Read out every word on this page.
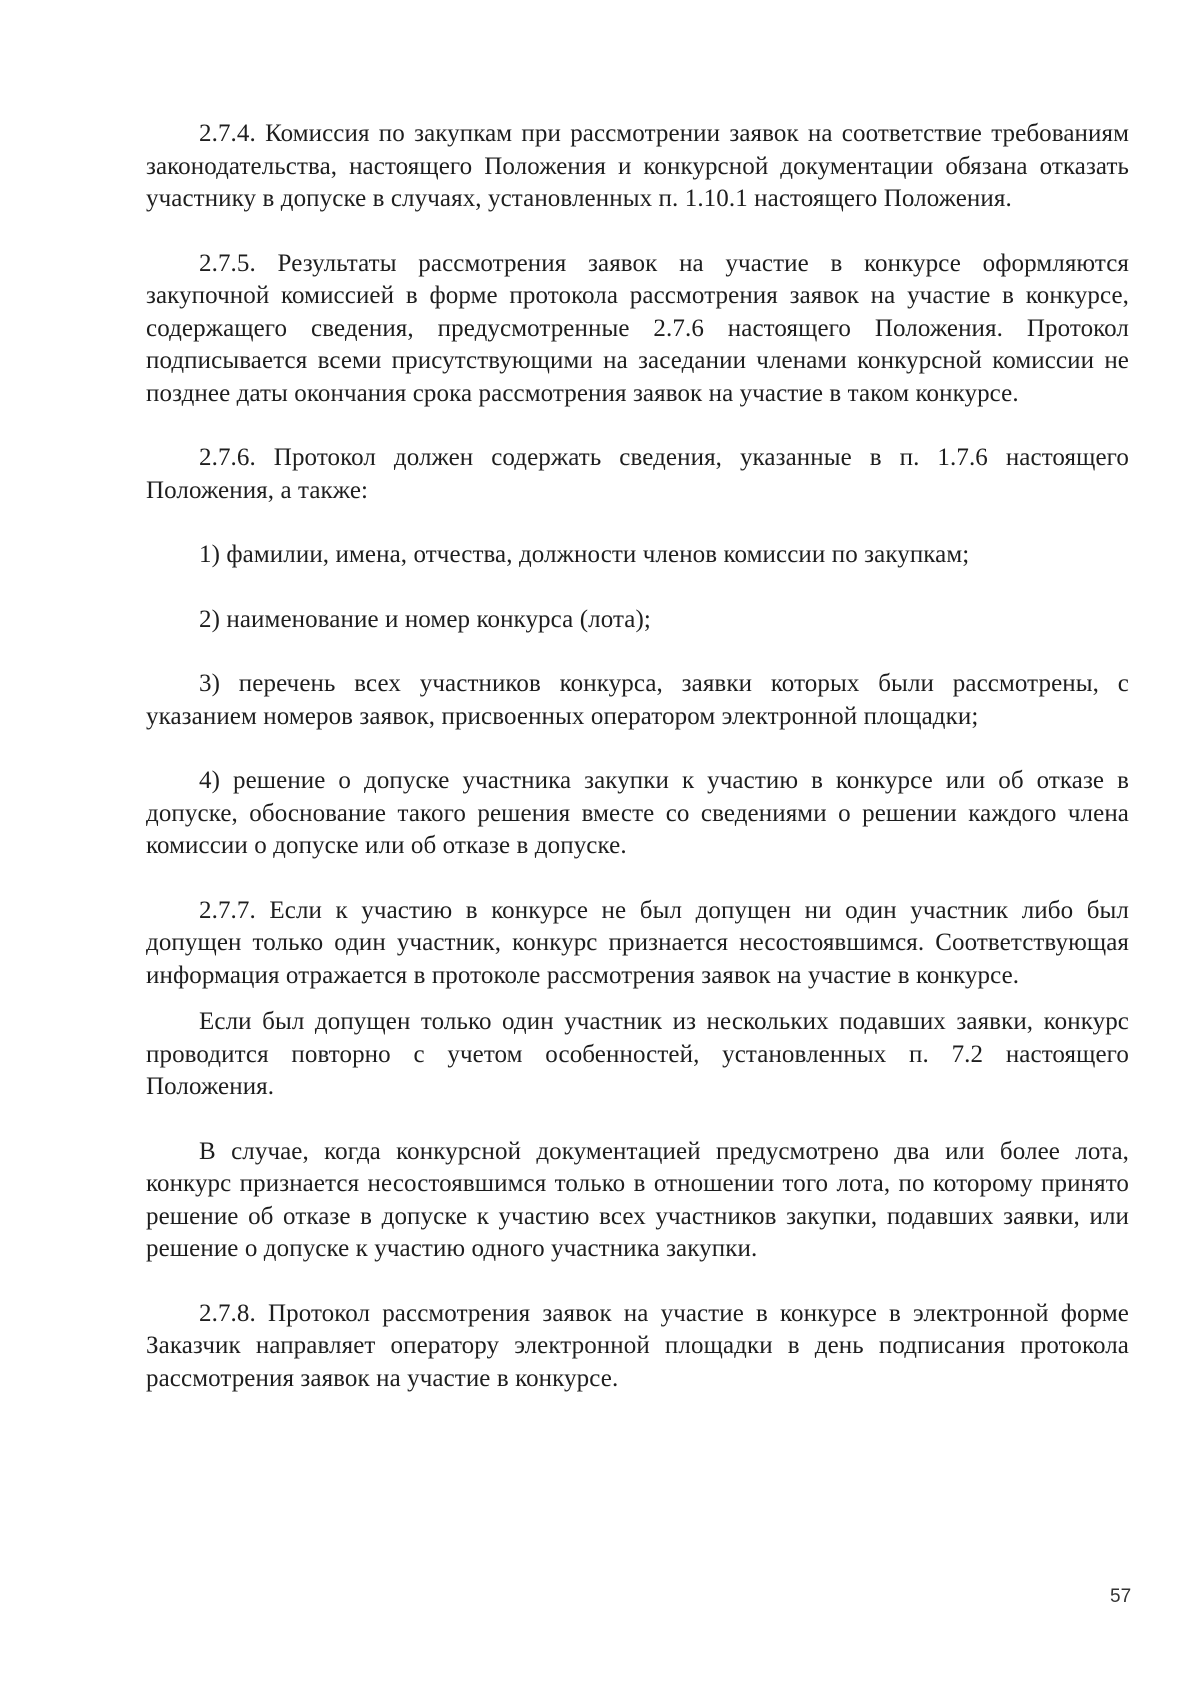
2.7.4. Комиссия по закупкам при рассмотрении заявок на соответствие требованиям законодательства, настоящего Положения и конкурсной документации обязана отказать участнику в допуске в случаях, установленных п. 1.10.1 настоящего Положения.

2.7.5. Результаты рассмотрения заявок на участие в конкурсе оформляются закупочной комиссией в форме протокола рассмотрения заявок на участие в конкурсе, содержащего сведения, предусмотренные 2.7.6 настоящего Положения. Протокол подписывается всеми присутствующими на заседании членами конкурсной комиссии не позднее даты окончания срока рассмотрения заявок на участие в таком конкурсе.

2.7.6. Протокол должен содержать сведения, указанные в п. 1.7.6 настоящего Положения, а также:

1) фамилии, имена, отчества, должности членов комиссии по закупкам;

2) наименование и номер конкурса (лота);

3) перечень всех участников конкурса, заявки которых были рассмотрены, с указанием номеров заявок, присвоенных оператором электронной площадки;

4) решение о допуске участника закупки к участию в конкурсе или об отказе в допуске, обоснование такого решения вместе со сведениями о решении каждого члена комиссии о допуске или об отказе в допуске.

2.7.7. Если к участию в конкурсе не был допущен ни один участник либо был допущен только один участник, конкурс признается несостоявшимся. Соответствующая информация отражается в протоколе рассмотрения заявок на участие в конкурсе.

Если был допущен только один участник из нескольких подавших заявки, конкурс проводится повторно с учетом особенностей, установленных п. 7.2 настоящего Положения.

В случае, когда конкурсной документацией предусмотрено два или более лота, конкурс признается несостоявшимся только в отношении того лота, по которому принято решение об отказе в допуске к участию всех участников закупки, подавших заявки, или решение о допуске к участию одного участника закупки.

2.7.8. Протокол рассмотрения заявок на участие в конкурсе в электронной форме Заказчик направляет оператору электронной площадки в день подписания протокола рассмотрения заявок на участие в конкурсе.

57
